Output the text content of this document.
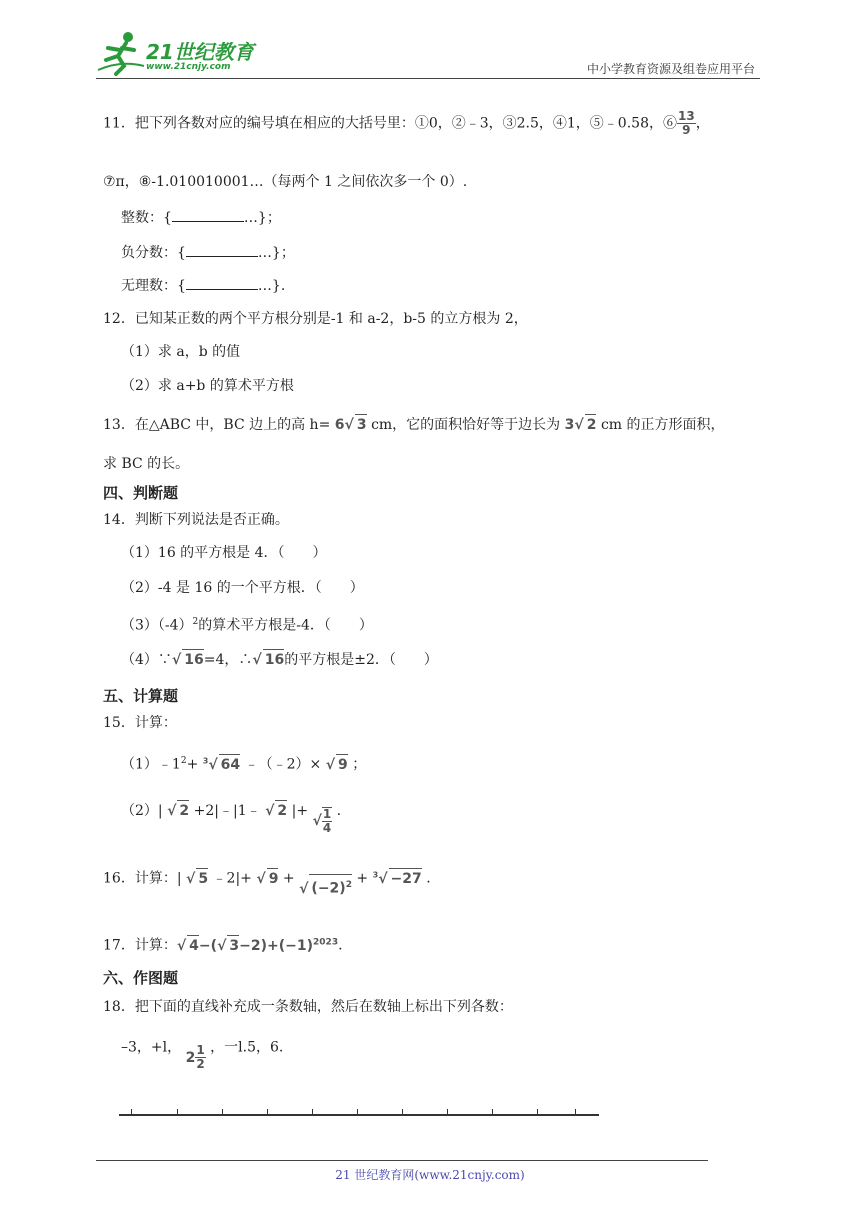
21世纪教育
www.21cnjy.com	中小学教育资源及组卷应用平台
11．把下列各数对应的编号填在相应的大括号里：①0，②﹣3，③2.5，④1，⑤﹣0.58，⑥ $\frac{13}{9}$ ，
⑦π，⑧-1.010010001…（每两个 1 之间依次多一个 0）.
整数：{	…}；
负分数：{	…}；
无理数：{	…}.
12．已知某正数的两个平方根分别是-1 和 a-2，b-5 的立方根为 2，
（1）求 a，b 的值
（2）求 a+b 的算术平方根
13．在△ABC 中，BC 边上的高 h= 6√ 3 cm，它的面积恰好等于边长为 3√ 2 cm 的正方形面积，
求 BC 的长。
四、判断题
14．判断下列说法是否正确。
（1）16 的平方根是 4．（　　）
（2）-4 是 16 的一个平方根．（　　）
$(3)(-4)^2$的算术平方根是-4．（　　）
（4）∵√ 16=4，∴√ 16的平方根是±2．（　　）
五、计算题
15．计算：
$(1)﹣1^2+ ^3√$ 64 ﹣（﹣2）× √ 9 ；
（2）| √ 2 +2|﹣|1﹣ √ 2 |+ √ $\frac{1}{4}$ .
16．计算：| √ 5 ﹣2|+ √ 9 + √ $(-2)^2 + ^3√ -27$ .
17．计算：√ 4−(√ $3-2)+(-1)^{2023}$.
六、作图题
18．把下面的直线补充成一条数轴，然后在数轴上标出下列各数：
–3，+l， $2 \frac{1}{2}$ ，一l.5，6.
21 世纪教育网(www.21cnjy.com)
